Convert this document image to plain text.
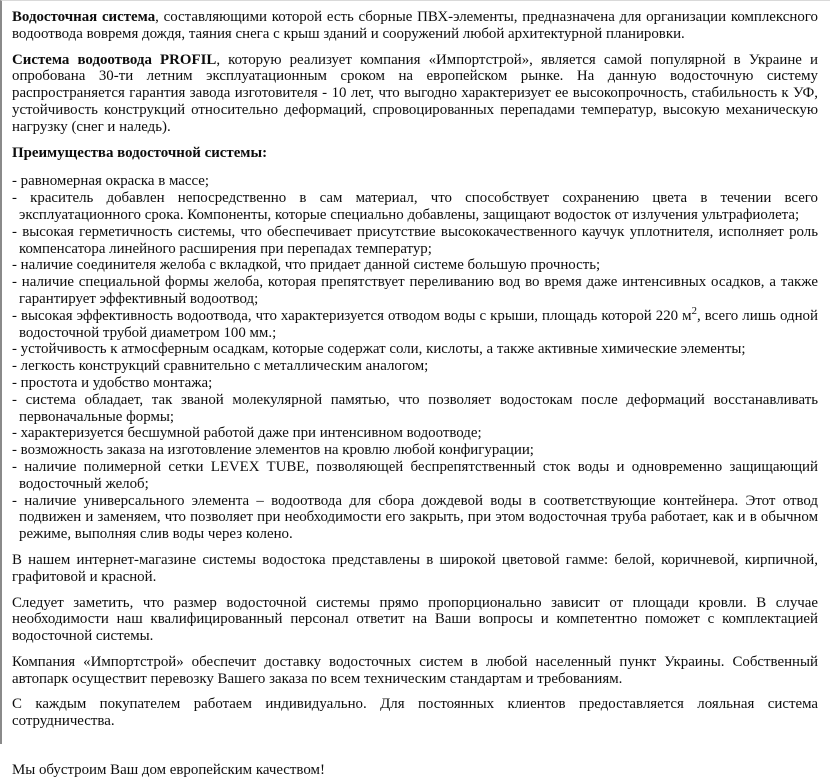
Водосточная система, составляющими которой есть сборные ПВХ-элементы, предназначена для организации комплексного водоотвода вовремя дождя, таяния снега с крыш зданий и сооружений любой архитектурной планировки.

Система водоотвода PROFIL, которую реализует компания «Импортстрой», является самой популярной в Украине и опробована 30-ти летним эксплуатационным сроком на европейском рынке. На данную водосточную систему распространяется гарантия завода изготовителя - 10 лет, что выгодно характеризует ее высокопрочность, стабильность к УФ, устойчивость конструкций относительно деформаций, спровоцированных перепадами температур, высокую механическую нагрузку (снег и наледь).

Преимущества водосточной системы:

- равномерная окраска в массе;
- краситель добавлен непосредственно в сам материал, что способствует сохранению цвета в течении всего эксплуатационного срока. Компоненты, которые специально добавлены, защищают водосток от излучения ультрафиолета;
- высокая герметичность системы, что обеспечивает присутствие высококачественного каучук уплотнителя, исполняет роль компенсатора линейного расширения при перепадах температур;
- наличие соединителя желоба с вкладкой, что придает данной системе большую прочность;
- наличие специальной формы желоба, которая препятствует переливанию вод во время даже интенсивных осадков, а также гарантирует эффективный водоотвод;
- высокая эффективность водоотвода, что характеризуется отводом воды с крыши, площадь которой 220 $м^2$, всего лишь одной водосточной трубой диаметром 100 мм.;
- устойчивость к атмосферным осадкам, которые содержат соли, кислоты, а также активные химические элементы;
- легкость конструкций сравнительно с металлическим аналогом;
- простота и удобство монтажа;
- система обладает, так званой молекулярной памятью, что позволяет водостокам после деформаций восстанавливать первоначальные формы;
- характеризуется бесшумной работой даже при интенсивном водоотводе;
- возможность заказа на изготовление элементов на кровлю любой конфигурации;
- наличие полимерной сетки LEVEX TUBE, позволяющей беспрепятственный сток воды и одновременно защищающий водосточный желоб;
- наличие универсального элемента – водоотвода для сбора дождевой воды в соответствующие контейнера. Этот отвод подвижен и заменяем, что позволяет при необходимости его закрыть, при этом водосточная труба работает, как и в обычном режиме, выполняя слив воды через колено.

В нашем интернет-магазине системы водостока представлены в широкой цветовой гамме: белой, коричневой, кирпичной, графитовой и красной.

Следует заметить, что размер водосточной системы прямо пропорционально зависит от площади кровли. В случае необходимости наш квалифицированный персонал ответит на Ваши вопросы и компетентно поможет с комплектацией водосточной системы.

Компания «Импортстрой» обеспечит доставку водосточных систем в любой населенный пункт Украины. Собственный автопарк осуществит перевозку Вашего заказа по всем техническим стандартам и требованиям.

С каждым покупателем работаем индивидуально. Для постоянных клиентов предоставляется лояльная система сотрудничества.

Мы обустроим Ваш дом европейским качеством!
